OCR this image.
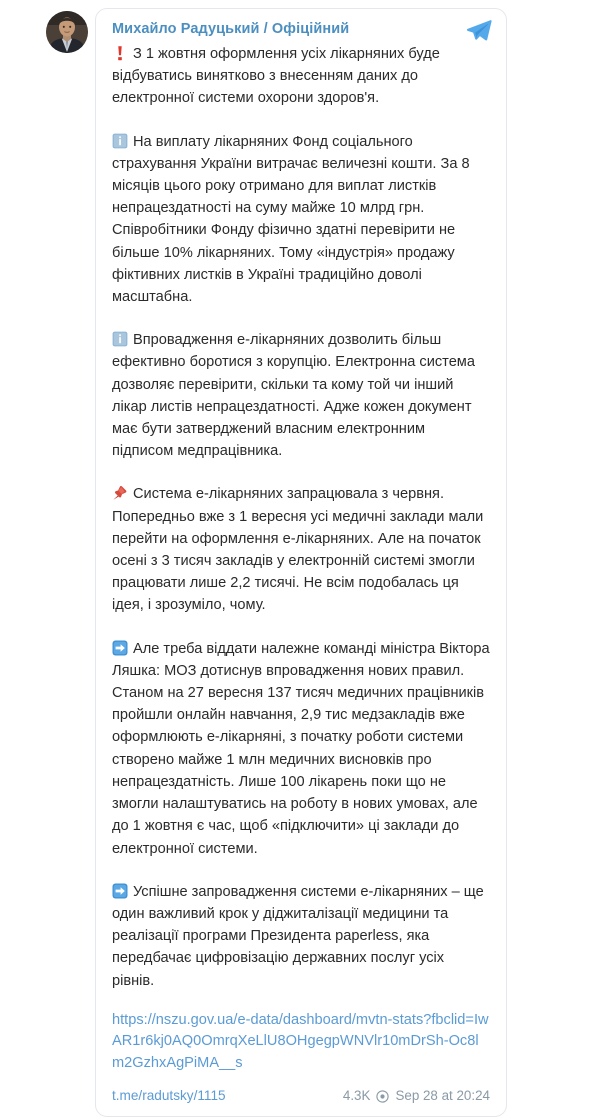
Михайло Радуцький / Офіційний

З 1 жовтня оформлення усіх лікарняних буде відбуватись винятково з внесенням даних до електронної системи охорони здоров'я.

На виплату лікарняних Фонд соціального страхування України витрачає величезні кошти. За 8 місяців цього року отримано для виплат листків непрацездатності на суму майже 10 млрд грн. Співробітники Фонду фізично здатні перевірити не більше 10% лікарняних. Тому «індустрія» продажу фіктивних листків в Україні традиційно доволі масштабна.

Впровадження е-лікарняних дозволить більш ефективно боротися з корупцію. Електронна система дозволяє перевірити, скільки та кому той чи інший лікар листів непрацездатності. Адже кожен документ має бути затверджений власним електронним підписом медпрацівника.

Система е-лікарняних запрацювала з червня. Попередньо вже з 1 вересня усі медичні заклади мали перейти на оформлення е-лікарняних. Але на початок осені з 3 тисяч закладів у електронній системі змогли працювати лише 2,2 тисячі. Не всім подобалась ця ідея, і зрозуміло, чому.

Але треба віддати належне команді міністра Віктора Ляшка: МОЗ дотиснув впровадження нових правил. Станом на 27 вересня 137 тисяч медичних працівників пройшли онлайн навчання, 2,9 тис медзакладів вже оформлюють е-лікарняні, з початку роботи системи створено майже 1 млн медичних висновків про непрацездатність. Лише 100 лікарень поки що не змогли налаштуватись на роботу в нових умовах, але до 1 жовтня є час, щоб «підключити» ці заклади до електронної системи.

Успішне запровадження системи е-лікарняних – ще один важливий крок у діджиталізації медицини та реалізації програми Президента paperless, яка передбачає цифровізацію державних послуг усіх рівнів.

https://nszu.gov.ua/e-data/dashboard/mvtn-stats?fbclid=IwAR1r6kj0AQ0OmrqXeLlU8OHgegpWNVlr10mDrSh-Oc8lm2GzhxAgPiMA__s
t.me/radutsky/1115	4.3K Sep 28 at 20:24
